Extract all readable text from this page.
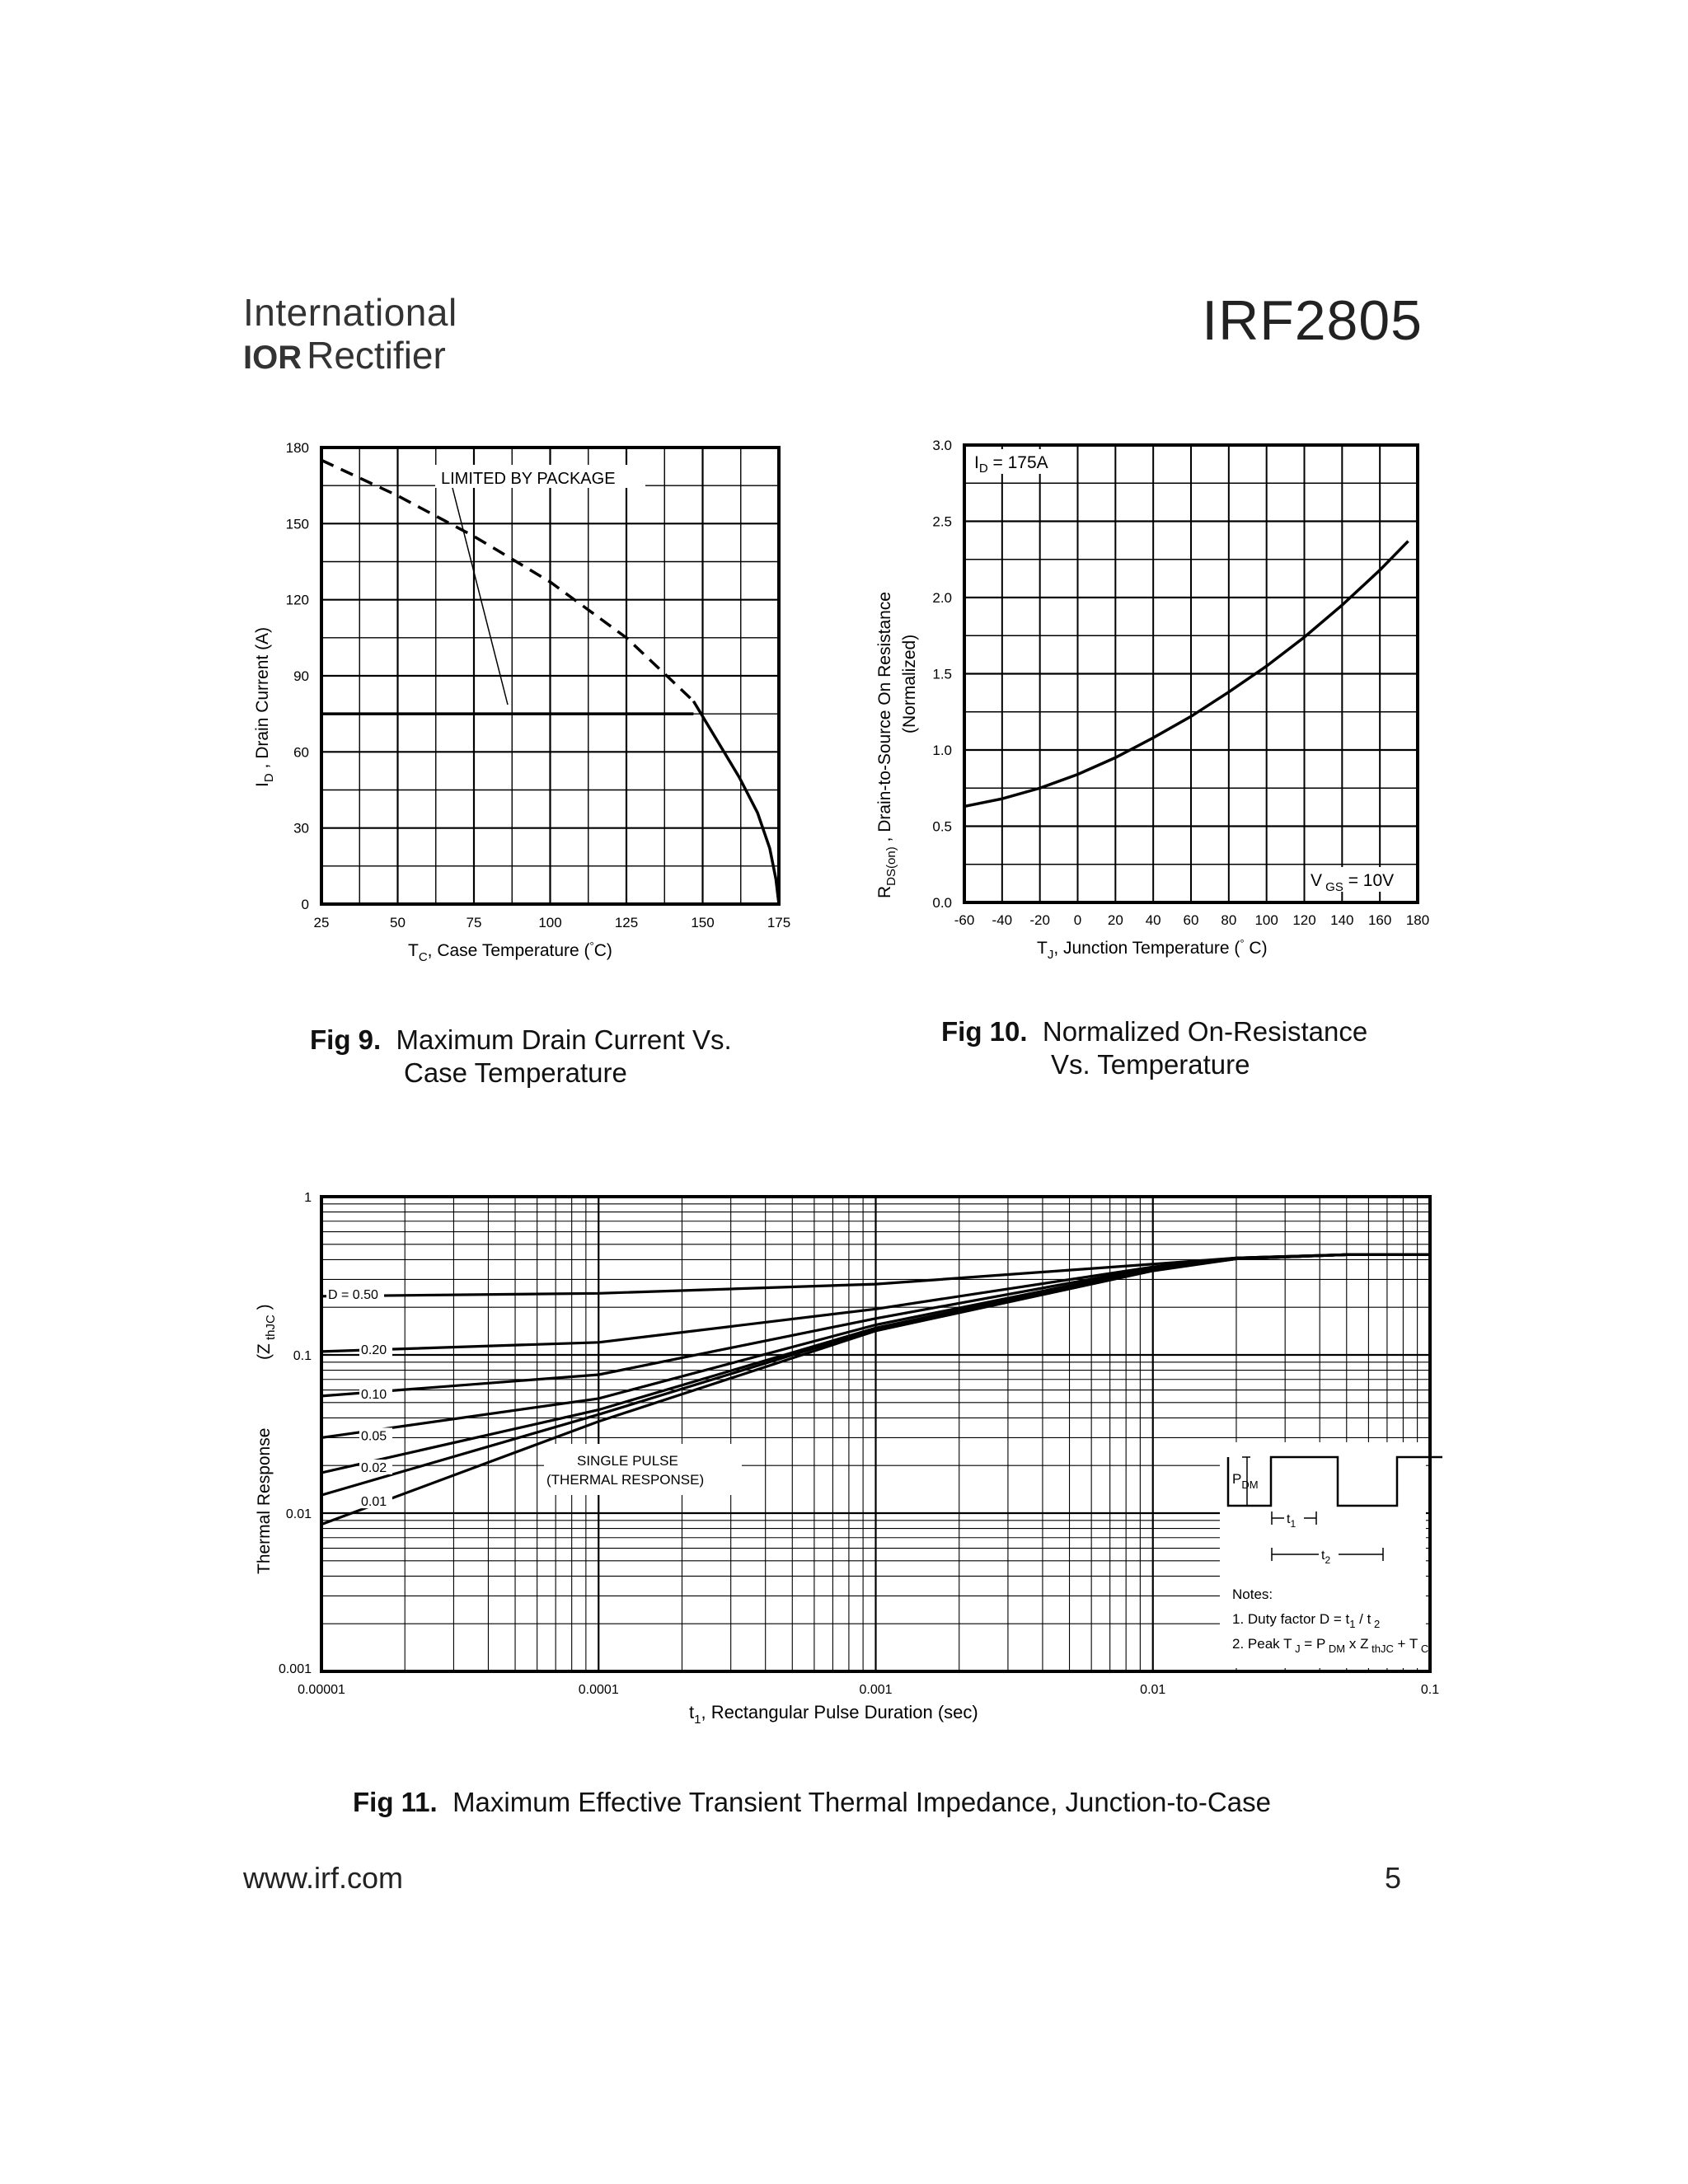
International
IOR Rectifier
IRF2805
25	50	75	100	125	150	175
0
30
60
90
120
150
180
LIMITED BY PACKAGE
$T_C$, Case Temperature (°C)
$I_D$ , Drain Current (A)
-60 -40 -20 0 20 40 60 80 100 120 140 160 180
0.0
0.5
1.0
1.5
2.0
2.5
3.0
$I_D = 175A$
V $_{GS}$ = 10V
$T_J$, Junction Temperature (° C)
$R_{DS(on)}$ , Drain-to-Source On Resistance (Normalized)
Fig 9. Maximum Drain Current Vs.
Case Temperature
Fig 10. Normalized On-Resistance
Vs. Temperature
0.00001	0.0001	0.001	0.01	0.1
0.001
0.01
0.1
1
D = 0.50
0.20
0.10
0.05
0.02
0.01
SINGLE PULSE
(THERMAL RESPONSE)	$P_{DM}$
$t_1$
$t_2$
Notes:
1. Duty factor $D = t_1 / t$ $_2$
2. Peak T $_J$ = P $_{DM}$ x Z $_{thJC}$ + T $_C$
$t_1$, Rectangular Pulse Duration (sec)
Thermal Response
(Z $_{thJC}$ )
Fig 11. Maximum Effective Transient Thermal Impedance, Junction-to-Case
www.irf.com	5
